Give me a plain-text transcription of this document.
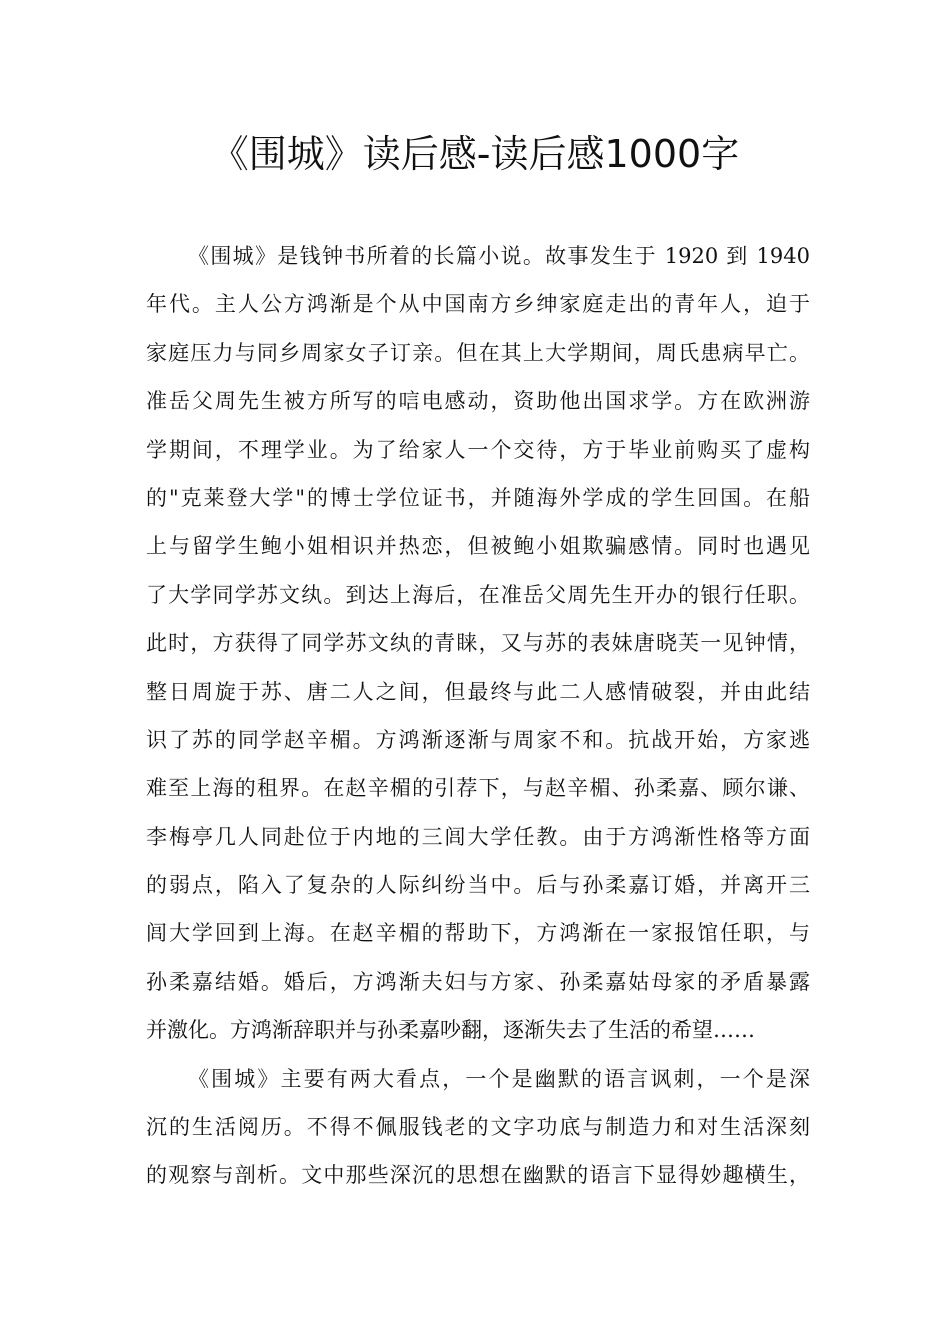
《围城》读后感-读后感1000字
《围城》是钱钟书所着的长篇小说。故事发生于 1920 到 1940
年代。主人公方鸿渐是个从中国南方乡绅家庭走出的青年人，迫于
家庭压力与同乡周家女子订亲。但在其上大学期间，周氏患病早亡。
准岳父周先生被方所写的唁电感动，资助他出国求学。方在欧洲游
学期间，不理学业。为了给家人一个交待，方于毕业前购买了虚构
的"克莱登大学"的博士学位证书，并随海外学成的学生回国。在船
上与留学生鲍小姐相识并热恋，但被鲍小姐欺骗感情。同时也遇见
了大学同学苏文纨。到达上海后，在准岳父周先生开办的银行任职。
此时，方获得了同学苏文纨的青睐，又与苏的表妹唐晓芙一见钟情，
整日周旋于苏、唐二人之间，但最终与此二人感情破裂，并由此结
识了苏的同学赵辛楣。方鸿渐逐渐与周家不和。抗战开始，方家逃
难至上海的租界。在赵辛楣的引荐下，与赵辛楣、孙柔嘉、顾尔谦、
李梅亭几人同赴位于内地的三闾大学任教。由于方鸿渐性格等方面
的弱点，陷入了复杂的人际纠纷当中。后与孙柔嘉订婚，并离开三
闾大学回到上海。在赵辛楣的帮助下，方鸿渐在一家报馆任职，与
孙柔嘉结婚。婚后，方鸿渐夫妇与方家、孙柔嘉姑母家的矛盾暴露
并激化。方鸿渐辞职并与孙柔嘉吵翻，逐渐失去了生活的希望……
《围城》主要有两大看点，一个是幽默的语言讽刺，一个是深
沉的生活阅历。不得不佩服钱老的文字功底与制造力和对生活深刻
的观察与剖析。文中那些深沉的思想在幽默的语言下显得妙趣横生，
